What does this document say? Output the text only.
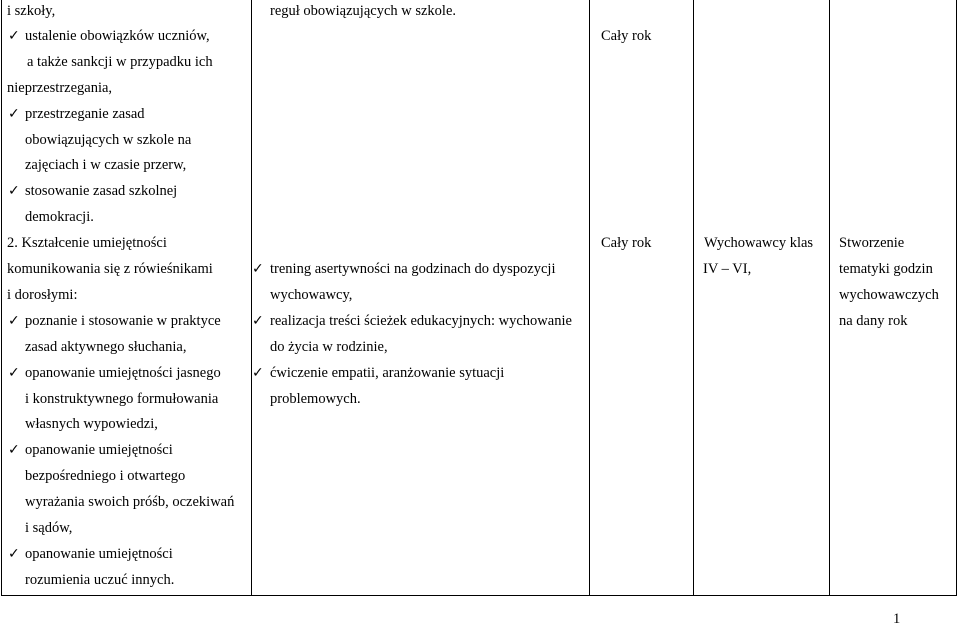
i szkoły,
✓ ustalenie obowiązków uczniów,
a także sankcji w przypadku ich
nieprzestrzegania,
✓ przestrzeganie zasad
obowiązujących w szkole na
zajęciach i w czasie przerw,
✓ stosowanie zasad szkolnej
demokracji.
2. Kształcenie umiejętności
komunikowania się z rówieśnikami
i dorosłymi:
✓ poznanie i stosowanie w praktyce
zasad aktywnego słuchania,
✓ opanowanie umiejętności jasnego
i konstruktywnego formułowania
własnych wypowiedzi,
✓ opanowanie umiejętności
bezpośredniego i otwartego
wyrażania swoich próśb, oczekiwań
i sądów,
✓ opanowanie umiejętności
rozumienia uczuć innych.
reguł obowiązujących w szkole.
✓ trening asertywności na godzinach do dyspozycji
wychowawcy,
✓ realizacja treści ścieżek edukacyjnych: wychowanie
do życia w rodzinie,
✓ ćwiczenie empatii, aranżowanie sytuacji
problemowych.
Cały rok
Cały rok	Wychowawcy klas
IV – VI,
Stworzenie
tematyki godzin
wychowawczych
na dany rok
1
